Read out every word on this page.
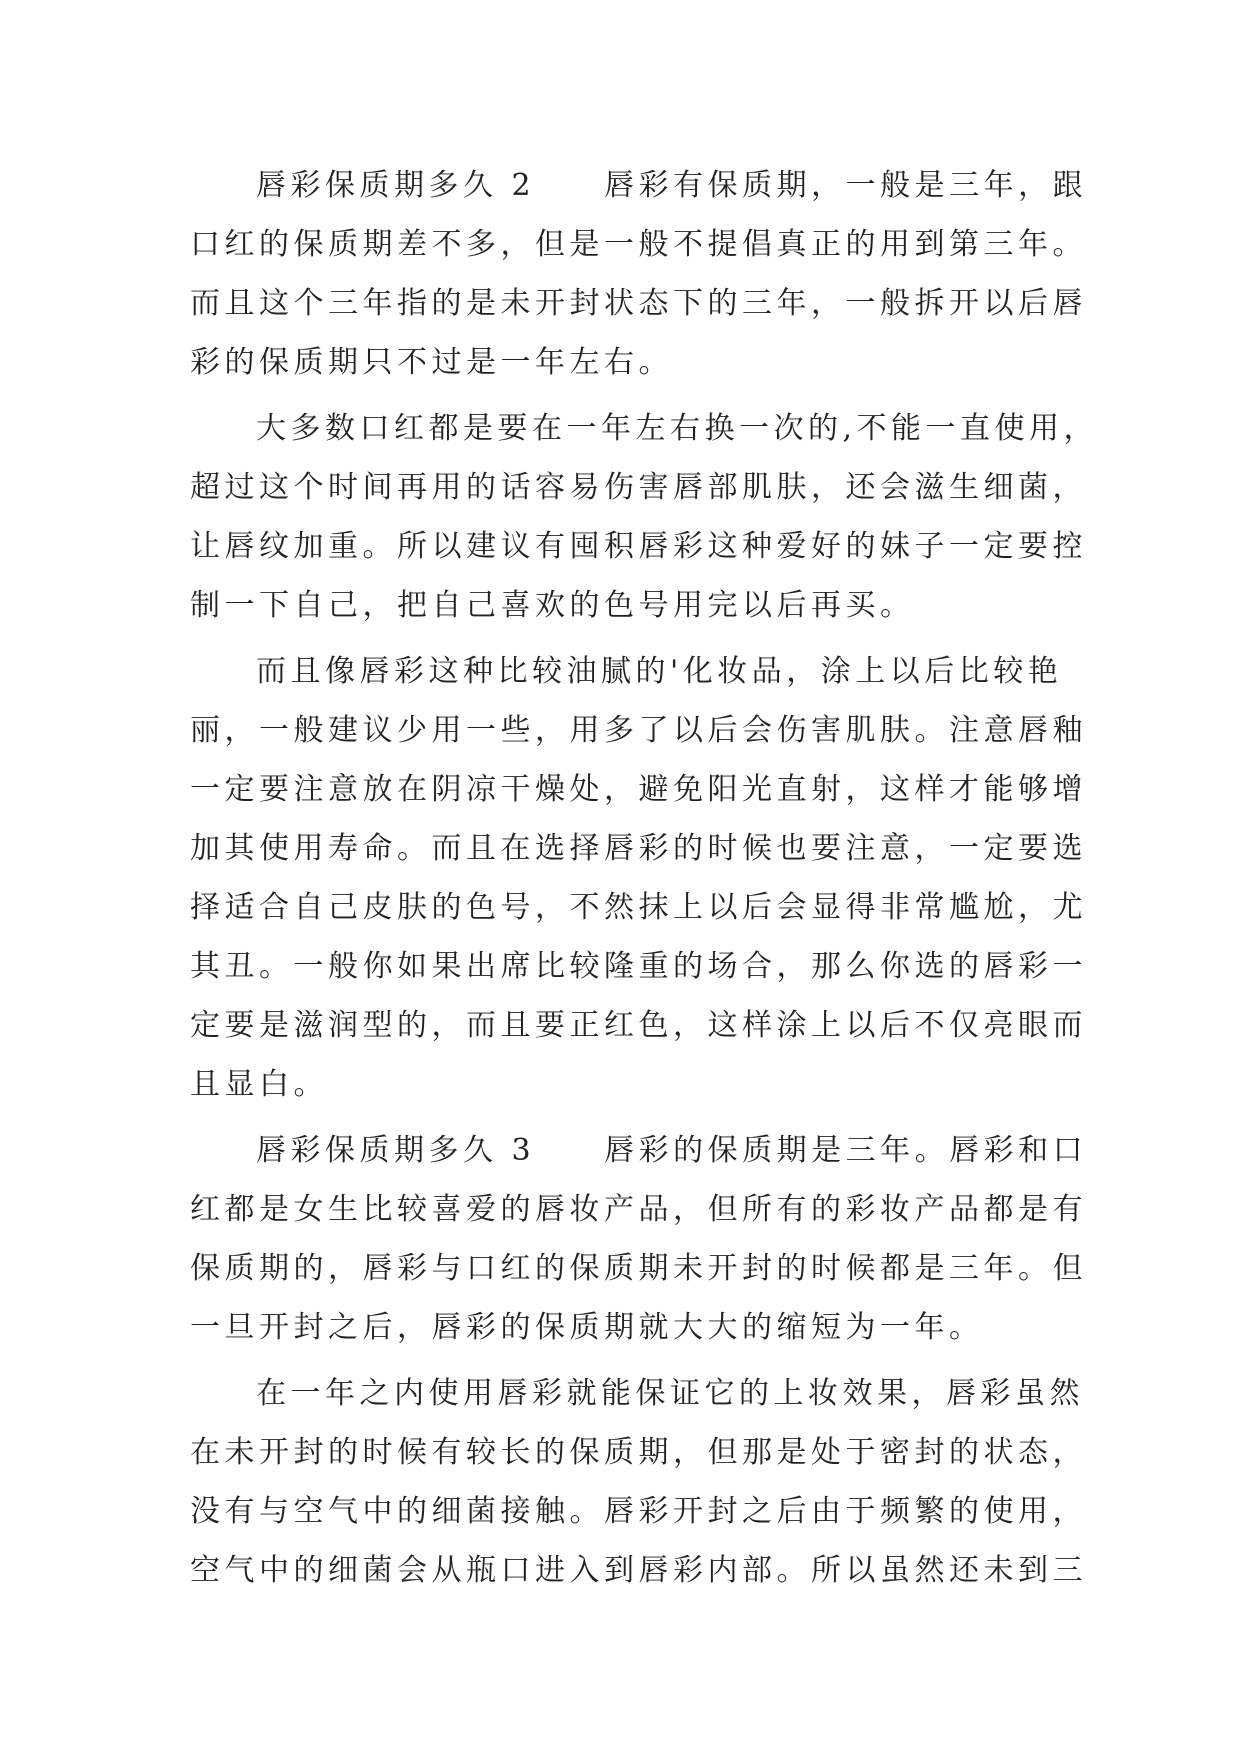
唇彩保质期多久 2　　唇彩有保质期，一般是三年，跟
口红的保质期差不多，但是一般不提倡真正的用到第三年。
而且这个三年指的是未开封状态下的三年，一般拆开以后唇
彩的保质期只不过是一年左右。
大多数口红都是要在一年左右换一次的,不能一直使用，
超过这个时间再用的话容易伤害唇部肌肤，还会滋生细菌，
让唇纹加重。所以建议有囤积唇彩这种爱好的妹子一定要控
制一下自己，把自己喜欢的色号用完以后再买。
而且像唇彩这种比较油腻的'化妆品，涂上以后比较艳
丽，一般建议少用一些，用多了以后会伤害肌肤。注意唇釉
一定要注意放在阴凉干燥处，避免阳光直射，这样才能够增
加其使用寿命。而且在选择唇彩的时候也要注意，一定要选
择适合自己皮肤的色号，不然抹上以后会显得非常尴尬，尤
其丑。一般你如果出席比较隆重的场合，那么你选的唇彩一
定要是滋润型的，而且要正红色，这样涂上以后不仅亮眼而
且显白。
唇彩保质期多久 3　　唇彩的保质期是三年。唇彩和口
红都是女生比较喜爱的唇妆产品，但所有的彩妆产品都是有
保质期的，唇彩与口红的保质期未开封的时候都是三年。但
一旦开封之后，唇彩的保质期就大大的缩短为一年。
在一年之内使用唇彩就能保证它的上妆效果，唇彩虽然
在未开封的时候有较长的保质期，但那是处于密封的状态，
没有与空气中的细菌接触。唇彩开封之后由于频繁的使用，
空气中的细菌会从瓶口进入到唇彩内部。所以虽然还未到三
